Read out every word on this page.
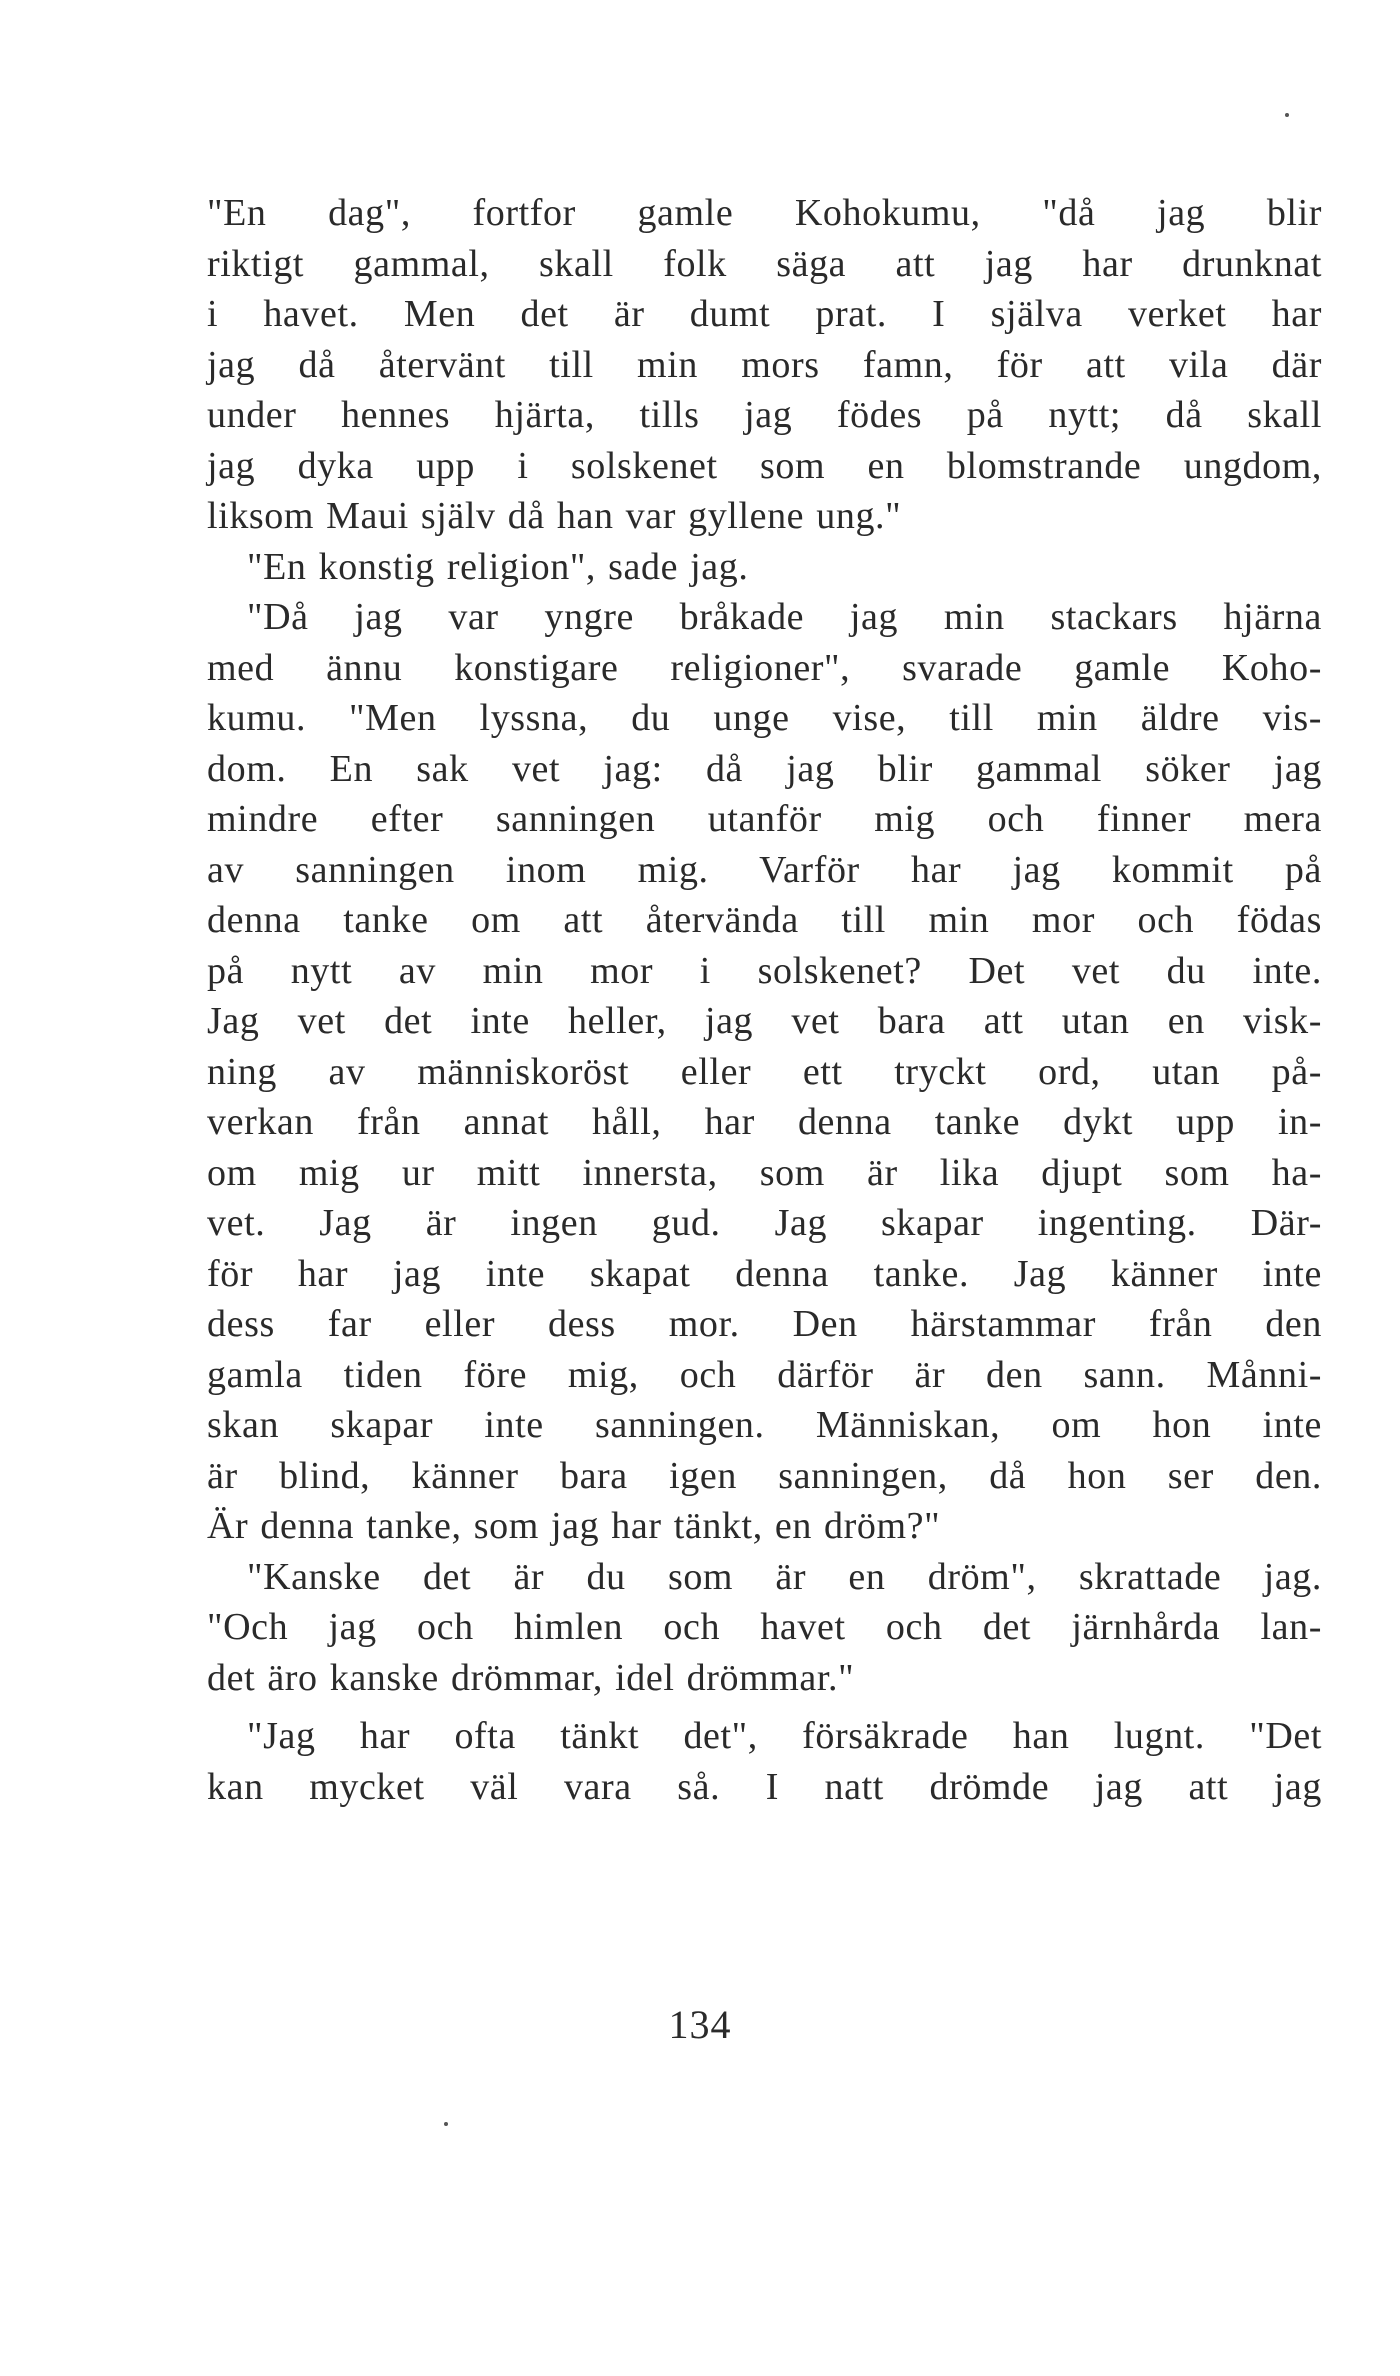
"En dag", fortfor gamle Kohokumu, "då jag blir
riktigt gammal, skall folk säga att jag har drunknat
i havet. Men det är dumt prat. I själva verket har
jag då återvänt till min mors famn, för att vila där
under hennes hjärta, tills jag födes på nytt; då skall
jag dyka upp i solskenet som en blomstrande ungdom,
liksom Maui själv då han var gyllene ung."
"En konstig religion", sade jag.
"Då jag var yngre bråkade jag min stackars hjärna
med ännu konstigare religioner", svarade gamle Koho-
kumu. "Men lyssna, du unge vise, till min äldre vis-
dom. En sak vet jag: då jag blir gammal söker jag
mindre efter sanningen utanför mig och finner mera
av sanningen inom mig. Varför har jag kommit på
denna tanke om att återvända till min mor och födas
på nytt av min mor i solskenet? Det vet du inte.
Jag vet det inte heller, jag vet bara att utan en visk-
ning av människoröst eller ett tryckt ord, utan på-
verkan från annat håll, har denna tanke dykt upp in-
om mig ur mitt innersta, som är lika djupt som ha-
vet. Jag är ingen gud. Jag skapar ingenting. Där-
för har jag inte skapat denna tanke. Jag känner inte
dess far eller dess mor. Den härstammar från den
gamla tiden före mig, och därför är den sann. Månni-
skan skapar inte sanningen. Människan, om hon inte
är blind, känner bara igen sanningen, då hon ser den.
Är denna tanke, som jag har tänkt, en dröm?"
"Kanske det är du som är en dröm", skrattade jag.
"Och jag och himlen och havet och det järnhårda lan-
det äro kanske drömmar, idel drömmar."
"Jag har ofta tänkt det", försäkrade han lugnt. "Det
kan mycket väl vara så. I natt drömde jag att jag
134
